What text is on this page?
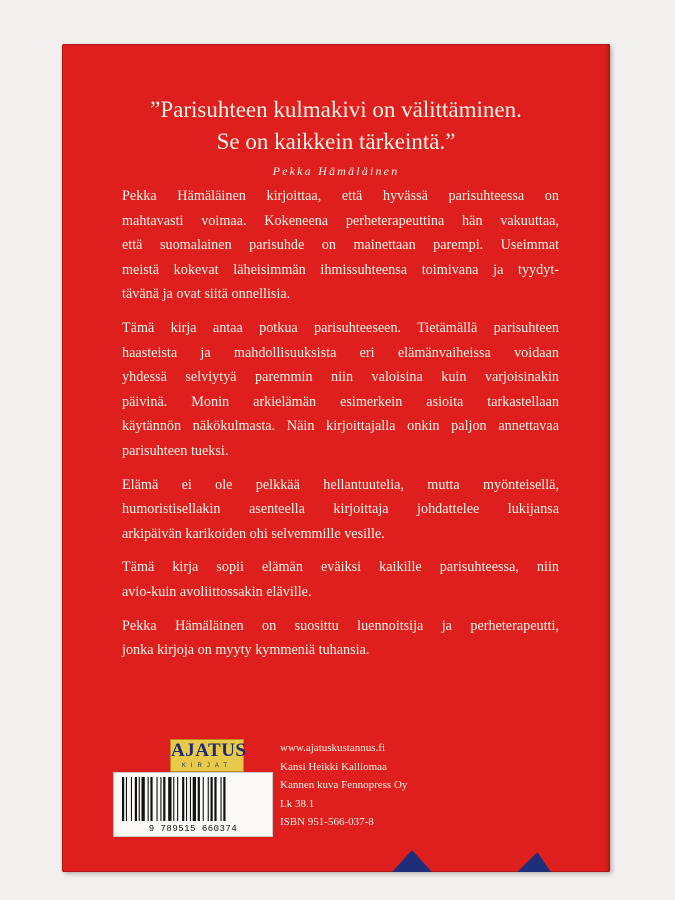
”Parisuhteen kulmakivi on välittäminen.
Se on kaikkein tärkeintä.”
Pekka Hämäläinen
Pekka Hämäläinen kirjoittaa, että hyvässä parisuhteessa on
mahtavasti voimaa. Kokeneena perheterapeuttina hän vakuuttaa,
että suomalainen parisuhde on mainettaan parempi. Useimmat
meistä kokevat läheisimmän ihmissuhteensa toimivana ja tyydyt-
tävänä ja ovat siitä onnellisia.
Tämä kirja antaa potkua parisuhteeseen. Tietämällä parisuhteen
haasteista ja mahdollisuuksista eri elämänvaiheissa voidaan
yhdessä selviytyä paremmin niin valoisina kuin varjoisinakin
päivinä. Monin arkielämän esimerkein asioita tarkastellaan
käytännön näkökulmasta. Näin kirjoittajalla onkin paljon annettavaa
parisuhteen tueksi.
Elämä ei ole pelkkää hellantuutelia, mutta myönteisellä,
humoristisellakin asenteella kirjoittaja johdattelee lukijansa
arkipäivän karikoiden ohi selvemmille vesille.
Tämä kirja sopii elämän eväiksi kaikille parisuhteessa, niin
avio-kuin avoliittossakin eläville.
Pekka Hämäläinen on suosittu luennoitsija ja perheterapeutti,
jonka kirjoja on myyty kymmeniä tuhansia.
AJATUS
KIRJAT
9 789515 660374
www.ajatuskustannus.fi
Kansi Heikki Kalliomaa
Kannen kuva Fennopress Oy
Lk 38.1
ISBN 951-566-037-8
